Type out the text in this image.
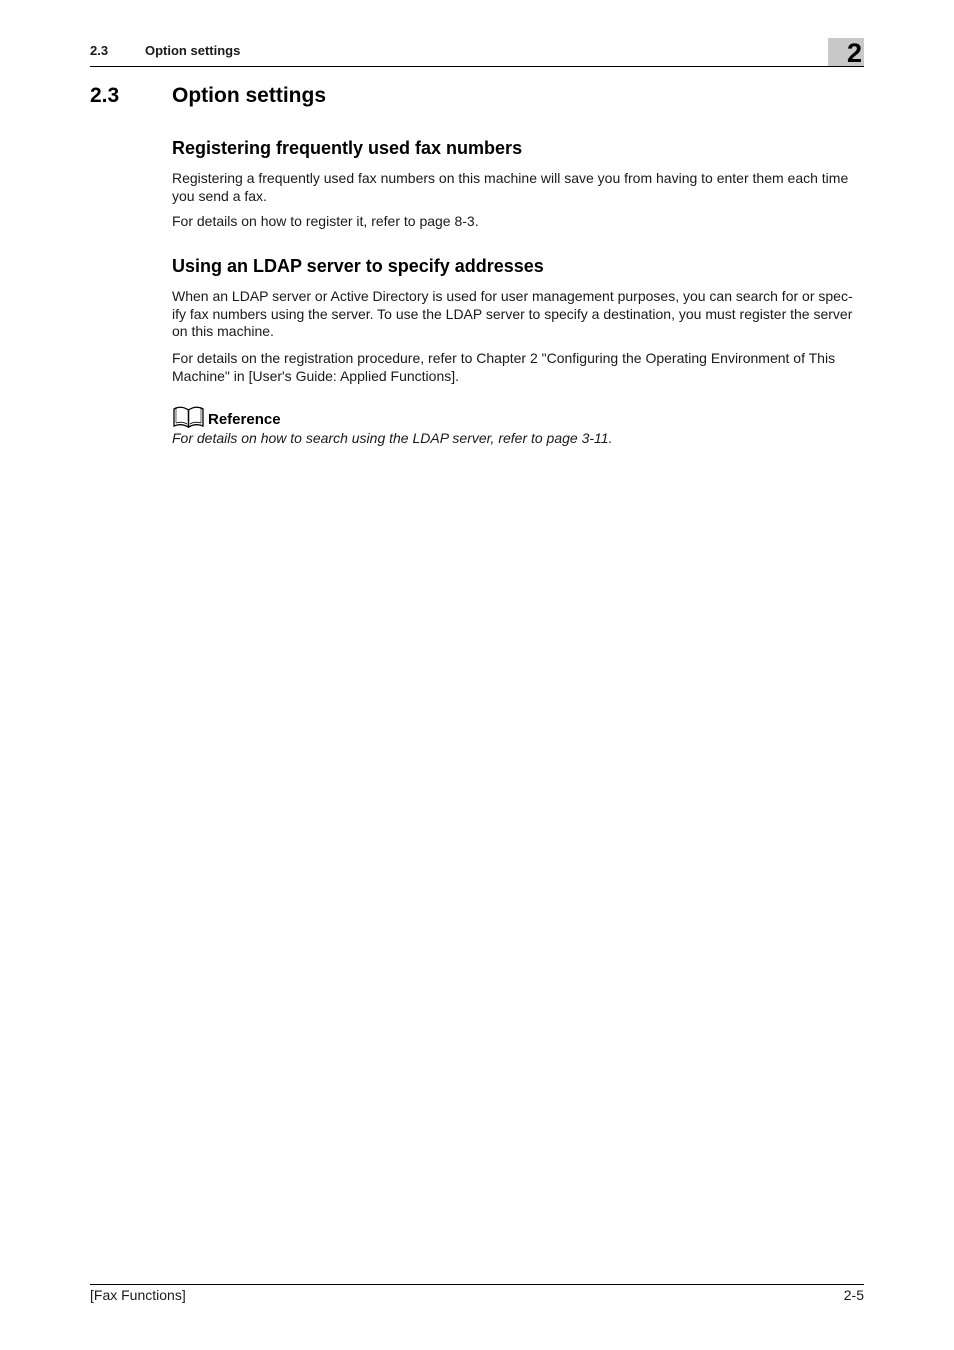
2.3	Option settings	2
2.3	Option settings
Registering frequently used fax numbers
Registering a frequently used fax numbers on this machine will save you from having to enter them each time
you send a fax.
For details on how to register it, refer to page 8-3.
Using an LDAP server to specify addresses
When an LDAP server or Active Directory is used for user management purposes, you can search for or spec-
ify fax numbers using the server. To use the LDAP server to specify a destination, you must register the server
on this machine.
For details on the registration procedure, refer to Chapter 2 "Configuring the Operating Environment of This
Machine" in [User's Guide: Applied Functions].
Reference
For details on how to search using the LDAP server, refer to page 3-11.
[Fax Functions]	2-5
